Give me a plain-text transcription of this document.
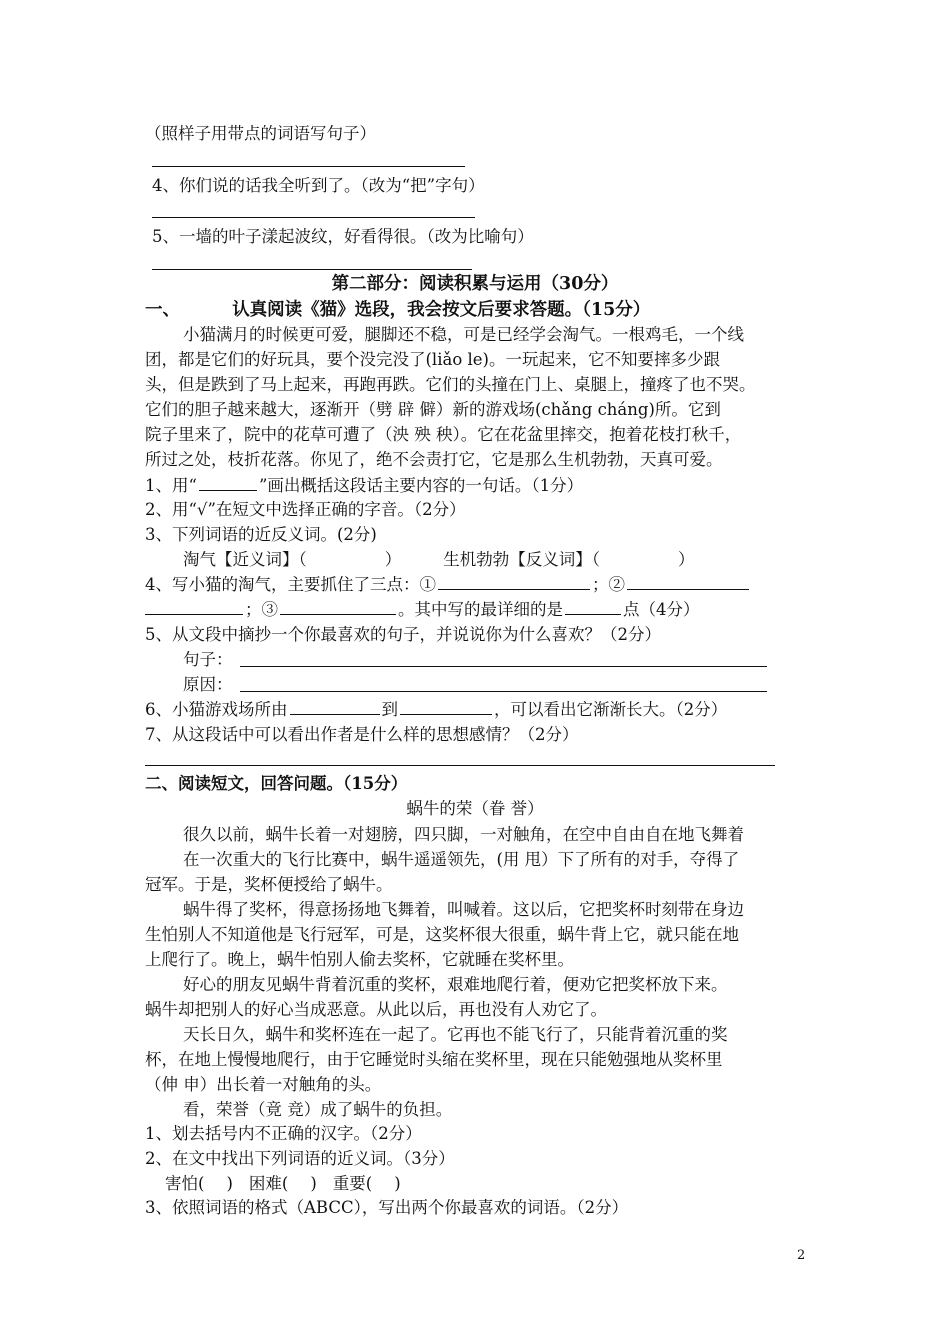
（照样子用带点的词语写句子）
4、你们说的话我全听到了。（改为“把”字句）
5、一墙的叶子漾起波纹，好看得很。（改为比喻句）
第二部分：阅读积累与运用（30分）
一、	认真阅读《猫》选段，我会按文后要求答题。（15分）
小猫满月的时候更可爱，腿脚还不稳，可是已经学会淘气。一根鸡毛，一个线
团，都是它们的好玩具，要个没完没了(liǎo le)。一玩起来，它不知要摔多少跟
头，但是跌到了马上起来，再跑再跌。它们的头撞在门上、桌腿上，撞疼了也不哭。
它们的胆子越来越大，逐渐开（劈 辟 僻）新的游戏场(chǎng cháng)所。它到
院子里来了，院中的花草可遭了（泱 殃 秧）。它在花盆里摔交，抱着花枝打秋千，
所过之处，枝折花落。你见了，绝不会责打它，它是那么生机勃勃，天真可爱。
1、用“	”画出概括这段话主要内容的一句话。（1分）
2、用“√”在短文中选择正确的字音。（2分）
3、下列词语的近反义词。(2分)
淘气【近义词】（	）	生机勃勃【反义词】（	）
4、写小猫的淘气，主要抓住了三点：①	；②
；③	。其中写的最详细的是	点（4分）
5、从文段中摘抄一个你最喜欢的句子，并说说你为什么喜欢？（2分）
句子：
原因：
6、小猫游戏场所由	到	，可以看出它渐渐长大。（2分）
7、从这段话中可以看出作者是什么样的思想感情？（2分）
二、阅读短文，回答问题。（15分）
蜗牛的荣（眷 誉）
很久以前，蜗牛长着一对翅膀，四只脚，一对触角，在空中自由自在地飞舞着
在一次重大的飞行比赛中，蜗牛遥遥领先，(用 甩）下了所有的对手，夺得了
冠军。于是，奖杯便授给了蜗牛。
蜗牛得了奖杯，得意扬扬地飞舞着，叫喊着。这以后，它把奖杯时刻带在身边
生怕别人不知道他是飞行冠军，可是，这奖杯很大很重，蜗牛背上它，就只能在地
上爬行了。晚上，蜗牛怕别人偷去奖杯，它就睡在奖杯里。
好心的朋友见蜗牛背着沉重的奖杯，艰难地爬行着，便劝它把奖杯放下来。
蜗牛却把别人的好心当成恶意。从此以后，再也没有人劝它了。
天长日久，蜗牛和奖杯连在一起了。它再也不能飞行了，只能背着沉重的奖
杯，在地上慢慢地爬行，由于它睡觉时头缩在奖杯里，现在只能勉强地从奖杯里
（伸 申）出长着一对触角的头。
看，荣誉（竟 竞）成了蜗牛的负担。
1、划去括号内不正确的汉字。（2分）
2、在文中找出下列词语的近义词。（3分）
害怕( ) 困难( ) 重要( )
3、依照词语的格式（ABCC），写出两个你最喜欢的词语。（2分）
2
